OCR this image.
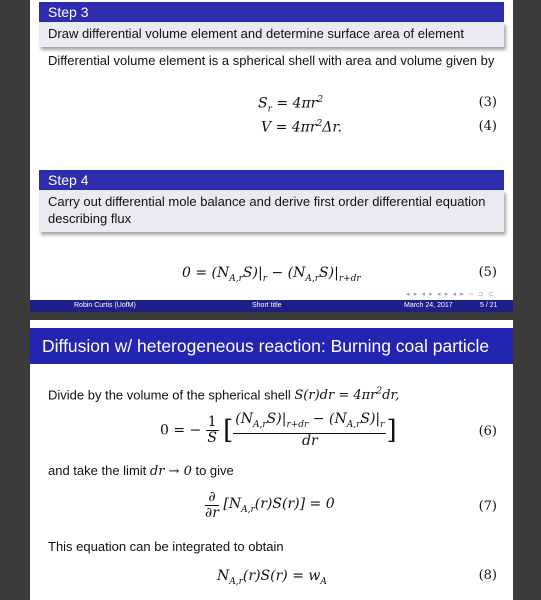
Step 3
Draw differential volume element and determine surface area of element
Differential volume element is a spherical shell with area and volume given by
$S_r = 4\pi r^2$	(3)
$V = 4\pi r^2\Delta r$.	(4)
Step 4
Carry out differential mole balance and derive first order differential equation describing flux
$0 = (N_{A,r}S)|_r - (N_{A,r}S)|_{r+dr}$	(5)
◂ ▸ ◂ ▸ ◂ ▸ ◂ ▸ ∽ ⊃ ⊂
Robin Curtis (UofM)	Short title	March 24, 2017	5 / 21
Diffusion w/ heterogeneous reaction: Burning coal particle
Divide by the volume of the spherical shell $S(r)dr = 4\pi r^2dr$,
0 = − $\frac{1}{S}$ [ $\frac{(N_{A,r}S)|_{r+dr} - (N_{A,r}S)|_r}{dr}$ ]	(6)
and take the limit dr → 0 to give
$\frac{\partial}{\partial r} [N_{A,r}(r)S(r)] = 0$	(7)
This equation can be integrated to obtain
$N_{A,r}(r)S(r) = w_A$	(8)
